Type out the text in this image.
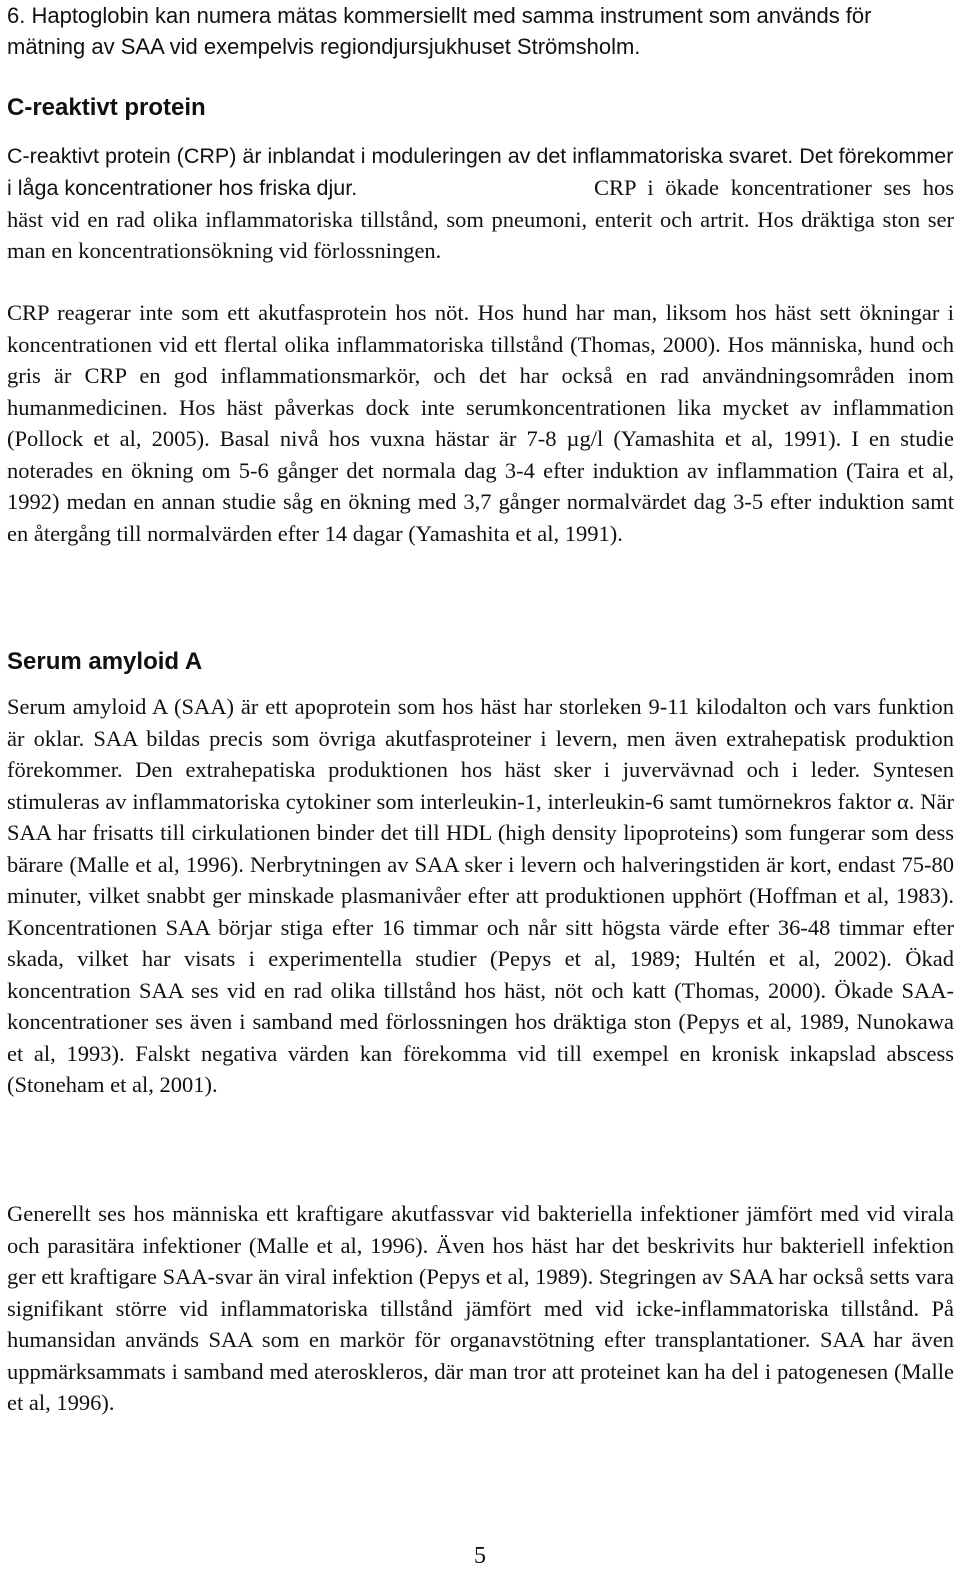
6. Haptoglobin kan numera mätas kommersiellt med samma instrument som används för mätning av SAA vid exempelvis regiondjursjukhuset Strömsholm.

C-reaktivt protein

C-reaktivt protein (CRP) är inblandat i moduleringen av det inflammatoriska svaret. Det förekommer i låga koncentrationer hos friska djur.	CRP i ökade koncentrationer ses hos häst vid en rad olika inflammatoriska tillstånd, som pneumoni, enterit och artrit. Hos dräktiga ston ser man en koncentrationsökning vid förlossningen.

CRP reagerar inte som ett akutfasprotein hos nöt. Hos hund har man, liksom hos häst sett ökningar i koncentrationen vid ett flertal olika inflammatoriska tillstånd (Thomas, 2000). Hos människa, hund och gris är CRP en god inflammationsmarkör, och det har också en rad användningsområden inom humanmedicinen. Hos häst påverkas dock inte serumkoncentrationen lika mycket av inflammation (Pollock et al, 2005). Basal nivå hos vuxna hästar är 7-8 µg/l (Yamashita et al, 1991). I en studie noterades en ökning om 5-6 gånger det normala dag 3-4 efter induktion av inflammation (Taira et al, 1992) medan en annan studie såg en ökning med 3,7 gånger normalvärdet dag 3-5 efter induktion samt en återgång till normalvärden efter 14 dagar (Yamashita et al, 1991).

Serum amyloid A

Serum amyloid A (SAA) är ett apoprotein som hos häst har storleken 9-11 kilodalton och vars funktion är oklar. SAA bildas precis som övriga akutfasproteiner i levern, men även extrahepatisk produktion förekommer. Den extrahepatiska produktionen hos häst sker i juvervävnad och i leder. Syntesen stimuleras av inflammatoriska cytokiner som interleukin-1, interleukin-6 samt tumörnekros faktor α. När SAA har frisatts till cirkulationen binder det till HDL (high density lipoproteins) som fungerar som dess bärare (Malle et al, 1996). Nerbrytningen av SAA sker i levern och halveringstiden är kort, endast 75-80 minuter, vilket snabbt ger minskade plasmanivåer efter att produktionen upphört (Hoffman et al, 1983). Koncentrationen SAA börjar stiga efter 16 timmar och når sitt högsta värde efter 36-48 timmar efter skada, vilket har visats i experimentella studier (Pepys et al, 1989; Hultén et al, 2002). Ökad koncentration SAA ses vid en rad olika tillstånd hos häst, nöt och katt (Thomas, 2000). Ökade SAA-koncentrationer ses även i samband med förlossningen hos dräktiga ston (Pepys et al, 1989, Nunokawa et al, 1993). Falskt negativa värden kan förekomma vid till exempel en kronisk inkapslad abscess (Stoneham et al, 2001).

Generellt ses hos människa ett kraftigare akutfassvar vid bakteriella infektioner jämfört med vid virala och parasitära infektioner (Malle et al, 1996). Även hos häst har det beskrivits hur bakteriell infektion ger ett kraftigare SAA-svar än viral infektion (Pepys et al, 1989). Stegringen av SAA har också setts vara signifikant större vid inflammatoriska tillstånd jämfört med vid icke-inflammatoriska tillstånd. På humansidan används SAA som en markör för organavstötning efter transplantationer. SAA har även uppmärksammats i samband med ateroskleros, där man tror att proteinet kan ha del i patogenesen (Malle et al, 1996).

5
